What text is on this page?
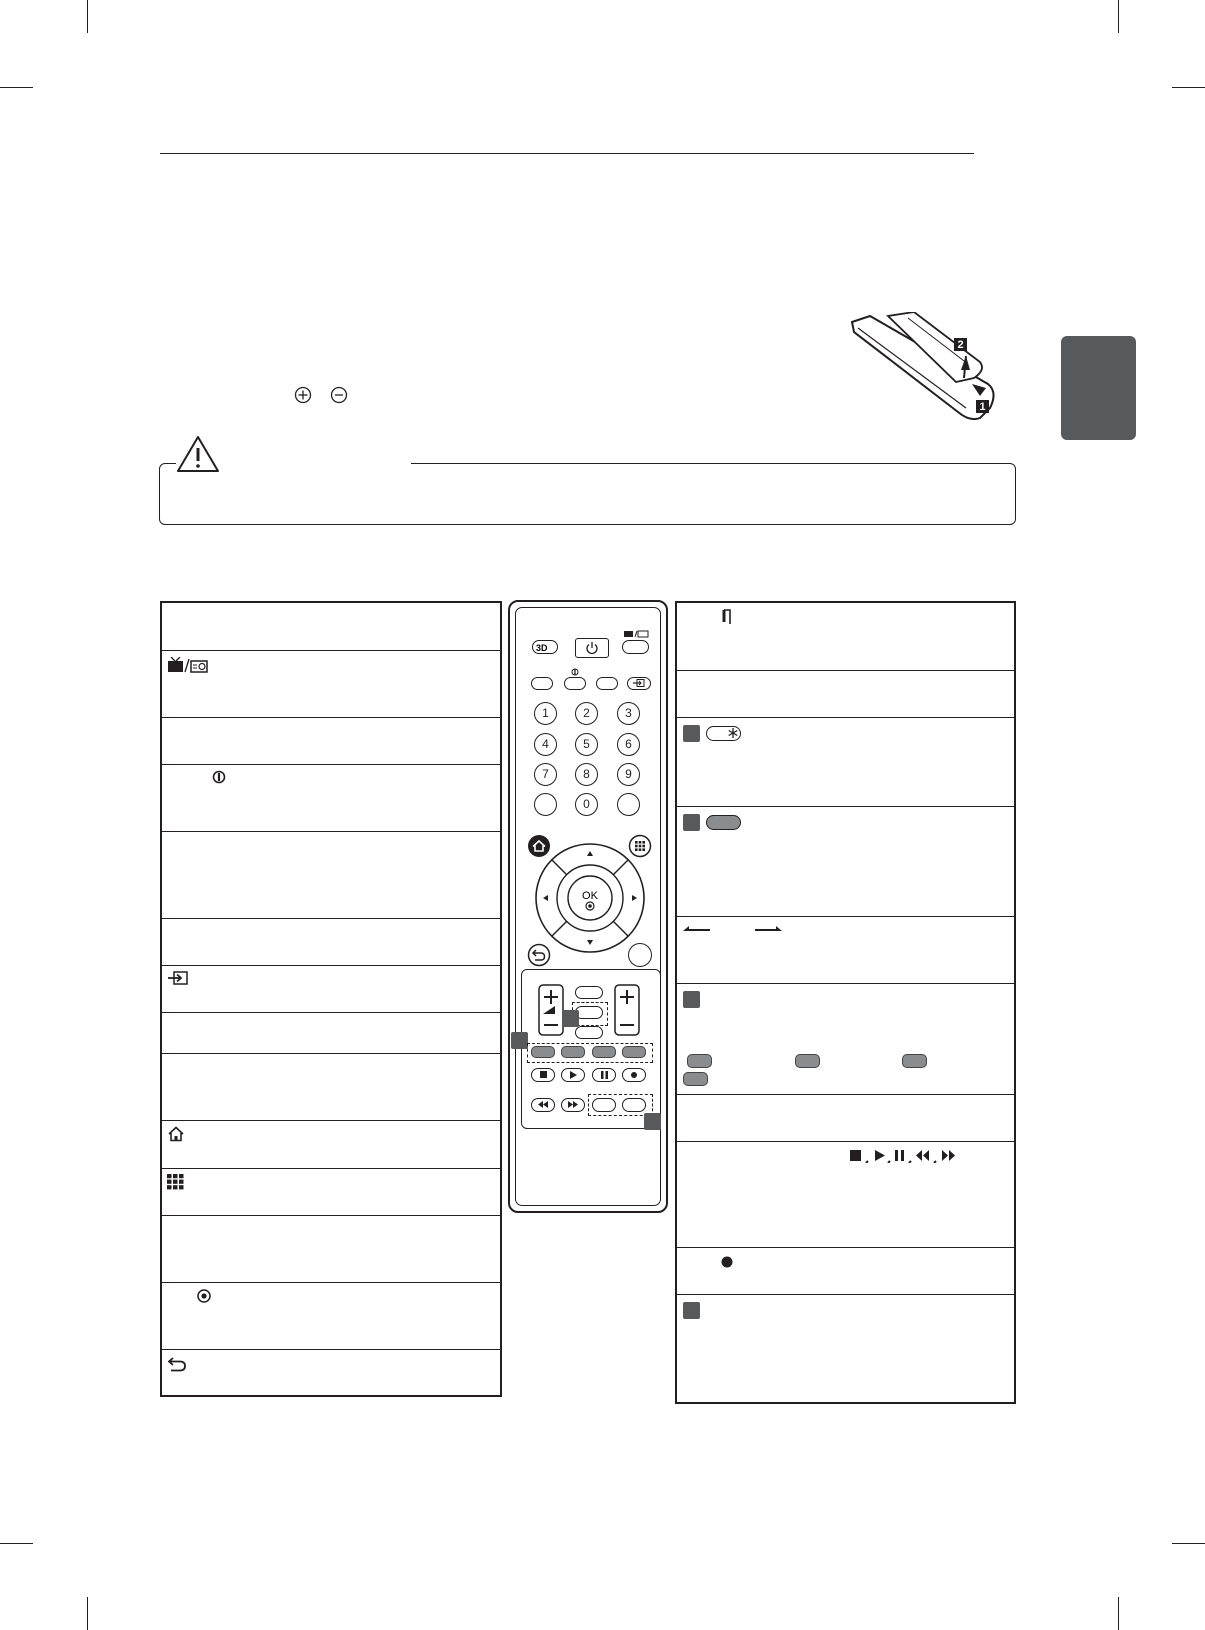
2
1
3D
1	2	3
4	5	6
7	8	9
0
OK
